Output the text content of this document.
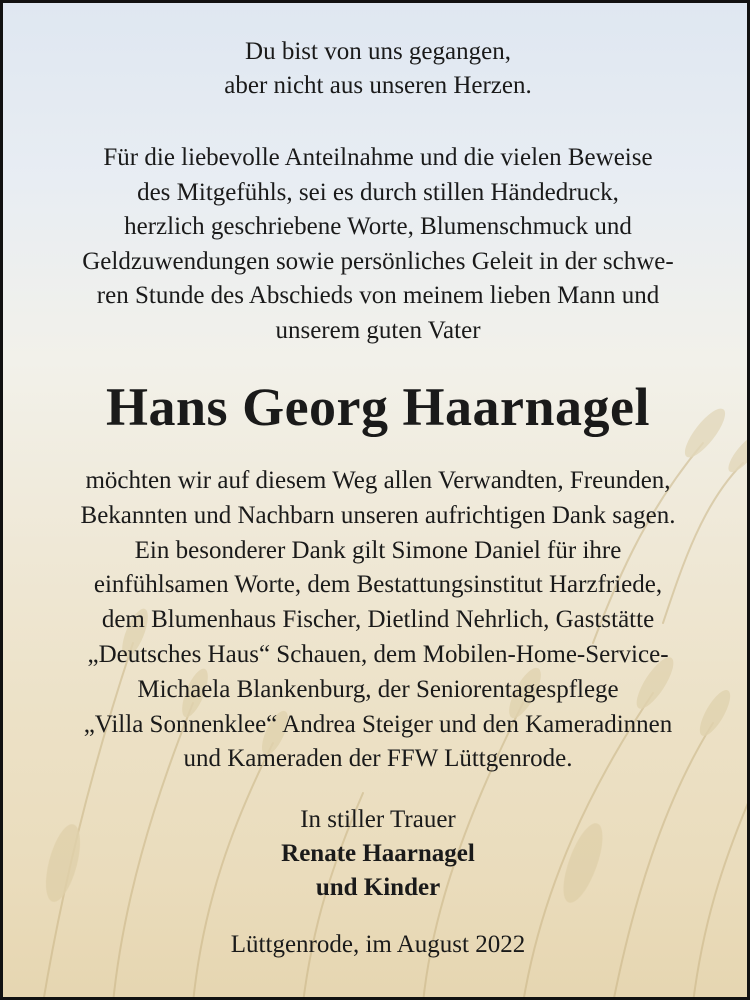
Du bist von uns gegangen,
aber nicht aus unseren Herzen.
Für die liebevolle Anteilnahme und die vielen Beweise
des Mitgefühls, sei es durch stillen Händedruck,
herzlich geschriebene Worte, Blumenschmuck und
Geldzuwendungen sowie persönliches Geleit in der schwe-
ren Stunde des Abschieds von meinem lieben Mann und
unserem guten Vater
Hans Georg Haarnagel
möchten wir auf diesem Weg allen Verwandten, Freunden,
Bekannten und Nachbarn unseren aufrichtigen Dank sagen.
Ein besonderer Dank gilt Simone Daniel für ihre
einfühlsamen Worte, dem Bestattungsinstitut Harzfriede,
dem Blumenhaus Fischer, Dietlind Nehrlich, Gaststätte
„Deutsches Haus“ Schauen, dem Mobilen-Home-Service-
Michaela Blankenburg, der Seniorentagespflege
„Villa Sonnenklee“ Andrea Steiger und den Kameradinnen
und Kameraden der FFW Lüttgenrode.
In stiller Trauer
Renate Haarnagel
und Kinder
Lüttgenrode, im August 2022
